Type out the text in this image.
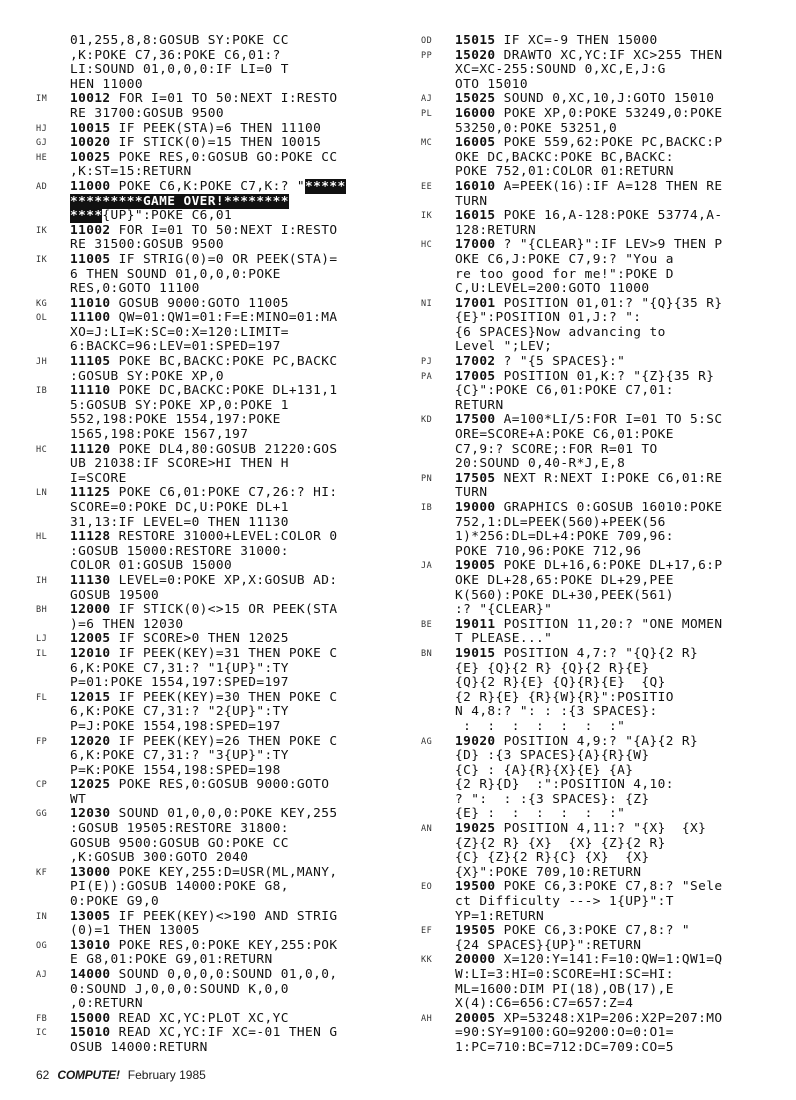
01,255,8,8:GOSUB SY:POKE CC
,K:POKE C7,36:POKE C6,01:?
LI:SOUND 01,0,0,0:IF LI=0 T
HEN 11000
IM	10012 FOR I=01 TO 50:NEXT I:RESTO
RE 31700:GOSUB 9500
HJ	10015 IF PEEK(STA)=6 THEN 11100
GJ	10020 IF STICK(0)=15 THEN 10015
HE	10025 POKE RES,0:GOSUB GO:POKE CC
,K:ST=15:RETURN
AD	11000 POKE C6,K:POKE C7,K:? "*****
*********GAME OVER!********
****{UP}":POKE C6,01
IK	11002 FOR I=01 TO 50:NEXT I:RESTO
RE 31500:GOSUB 9500
IK	11005 IF STRIG(0)=0 OR PEEK(STA)=
6 THEN SOUND 01,0,0,0:POKE
RES,0:GOTO 11100
KG	11010 GOSUB 9000:GOTO 11005
OL	11100 QW=01:QW1=01:F=E:MINO=01:MA
XO=J:LI=K:SC=0:X=120:LIMIT=
6:BACKC=96:LEV=01:SPED=197
JH	11105 POKE BC,BACKC:POKE PC,BACKC
:GOSUB SY:POKE XP,0
IB	11110 POKE DC,BACKC:POKE DL+131,1
5:GOSUB SY:POKE XP,0:POKE 1
552,198:POKE 1554,197:POKE
1565,198:POKE 1567,197
HC	11120 POKE DL4,80:GOSUB 21220:GOS
UB 21038:IF SCORE>HI THEN H
I=SCORE
LN	11125 POKE C6,01:POKE C7,26:? HI:
SCORE=0:POKE DC,U:POKE DL+1
31,13:IF LEVEL=0 THEN 11130
HL	11128 RESTORE 31000+LEVEL:COLOR 0
:GOSUB 15000:RESTORE 31000:
COLOR 01:GOSUB 15000
IH	11130 LEVEL=0:POKE XP,X:GOSUB AD:
GOSUB 19500
BH	12000 IF STICK(0)<>15 OR PEEK(STA
)=6 THEN 12030
LJ	12005 IF SCORE>0 THEN 12025
IL	12010 IF PEEK(KEY)=31 THEN POKE C
6,K:POKE C7,31:? "1{UP}":TY
P=01:POKE 1554,197:SPED=197
FL	12015 IF PEEK(KEY)=30 THEN POKE C
6,K:POKE C7,31:? "2{UP}":TY
P=J:POKE 1554,198:SPED=197
FP	12020 IF PEEK(KEY)=26 THEN POKE C
6,K:POKE C7,31:? "3{UP}":TY
P=K:POKE 1554,198:SPED=198
CP	12025 POKE RES,0:GOSUB 9000:GOTO
WT
GG	12030 SOUND 01,0,0,0:POKE KEY,255
:GOSUB 19505:RESTORE 31800:
GOSUB 9500:GOSUB GO:POKE CC
,K:GOSUB 300:GOTO 2040
KF	13000 POKE KEY,255:D=USR(ML,MANY,
PI(E)):GOSUB 14000:POKE G8,
0:POKE G9,0
IN	13005 IF PEEK(KEY)<>190 AND STRIG
(0)=1 THEN 13005
OG	13010 POKE RES,0:POKE KEY,255:POK
E G8,01:POKE G9,01:RETURN
AJ	14000 SOUND 0,0,0,0:SOUND 01,0,0,
0:SOUND J,0,0,0:SOUND K,0,0
,0:RETURN
FB	15000 READ XC,YC:PLOT XC,YC
IC	15010 READ XC,YC:IF XC=-01 THEN G
OSUB 14000:RETURN
OD	15015 IF XC=-9 THEN 15000
PP	15020 DRAWTO XC,YC:IF XC>255 THEN
XC=XC-255:SOUND 0,XC,E,J:G
OTO 15010
AJ	15025 SOUND 0,XC,10,J:GOTO 15010
PL	16000 POKE XP,0:POKE 53249,0:POKE
53250,0:POKE 53251,0
MC	16005 POKE 559,62:POKE PC,BACKC:P
OKE DC,BACKC:POKE BC,BACKC:
POKE 752,01:COLOR 01:RETURN
EE	16010 A=PEEK(16):IF A=128 THEN RE
TURN
IK	16015 POKE 16,A-128:POKE 53774,A-
128:RETURN
HC	17000 ? "{CLEAR}":IF LEV>9 THEN P
OKE C6,J:POKE C7,9:? "You a
re too good for me!":POKE D
C,U:LEVEL=200:GOTO 11000
NI	17001 POSITION 01,01:? "{Q}{35 R}
{E}":POSITION 01,J:? ":
{6 SPACES}Now advancing to
Level ";LEV;
PJ	17002 ? "{5 SPACES}:"
PA	17005 POSITION 01,K:? "{Z}{35 R}
{C}":POKE C6,01:POKE C7,01:
RETURN
KD	17500 A=100*LI/5:FOR I=01 TO 5:SC
ORE=SCORE+A:POKE C6,01:POKE
C7,9:? SCORE;:FOR R=01 TO
20:SOUND 0,40-R*J,E,8
PN	17505 NEXT R:NEXT I:POKE C6,01:RE
TURN
IB	19000 GRAPHICS 0:GOSUB 16010:POKE
752,1:DL=PEEK(560)+PEEK(56
1)*256:DL=DL+4:POKE 709,96:
POKE 710,96:POKE 712,96
JA	19005 POKE DL+16,6:POKE DL+17,6:P
OKE DL+28,65:POKE DL+29,PEE
K(560):POKE DL+30,PEEK(561)
:? "{CLEAR}"
BE	19011 POSITION 11,20:? "ONE MOMEN
T PLEASE..."
BN	19015 POSITION 4,7:? "{Q}{2 R}
{E} {Q}{2 R} {Q}{2 R}{E}
{Q}{2 R}{E} {Q}{R}{E}  {Q}
{2 R}{E} {R}{W}{R}":POSITIO
N 4,8:? ": : :{3 SPACES}:
:  :  :  :  :  :  :"
AG	19020 POSITION 4,9:? "{A}{2 R}
{D} :{3 SPACES}{A}{R}{W}
{C} : {A}{R}{X}{E} {A}
{2 R}{D}  :":POSITION 4,10:
? ":  : :{3 SPACES}: {Z}
{E} :  :  :  :  :  :"
AN	19025 POSITION 4,11:? "{X}  {X}
{Z}{2 R} {X}  {X} {Z}{2 R}
{C} {Z}{2 R}{C} {X}  {X}
{X}":POKE 709,10:RETURN
EO	19500 POKE C6,3:POKE C7,8:? "Sele
ct Difficulty ---> 1{UP}":T
YP=1:RETURN
EF	19505 POKE C6,3:POKE C7,8:? "
{24 SPACES}{UP}":RETURN
KK	20000 X=120:Y=141:F=10:QW=1:QW1=Q
W:LI=3:HI=0:SCORE=HI:SC=HI:
ML=1600:DIM PI(18),OB(17),E
X(4):C6=656:C7=657:Z=4
AH	20005 XP=53248:X1P=206:X2P=207:MO
=90:SY=9100:GO=9200:O=0:O1=
1:PC=710:BC=712:DC=709:CO=5
62 COMPUTE! February 1985
